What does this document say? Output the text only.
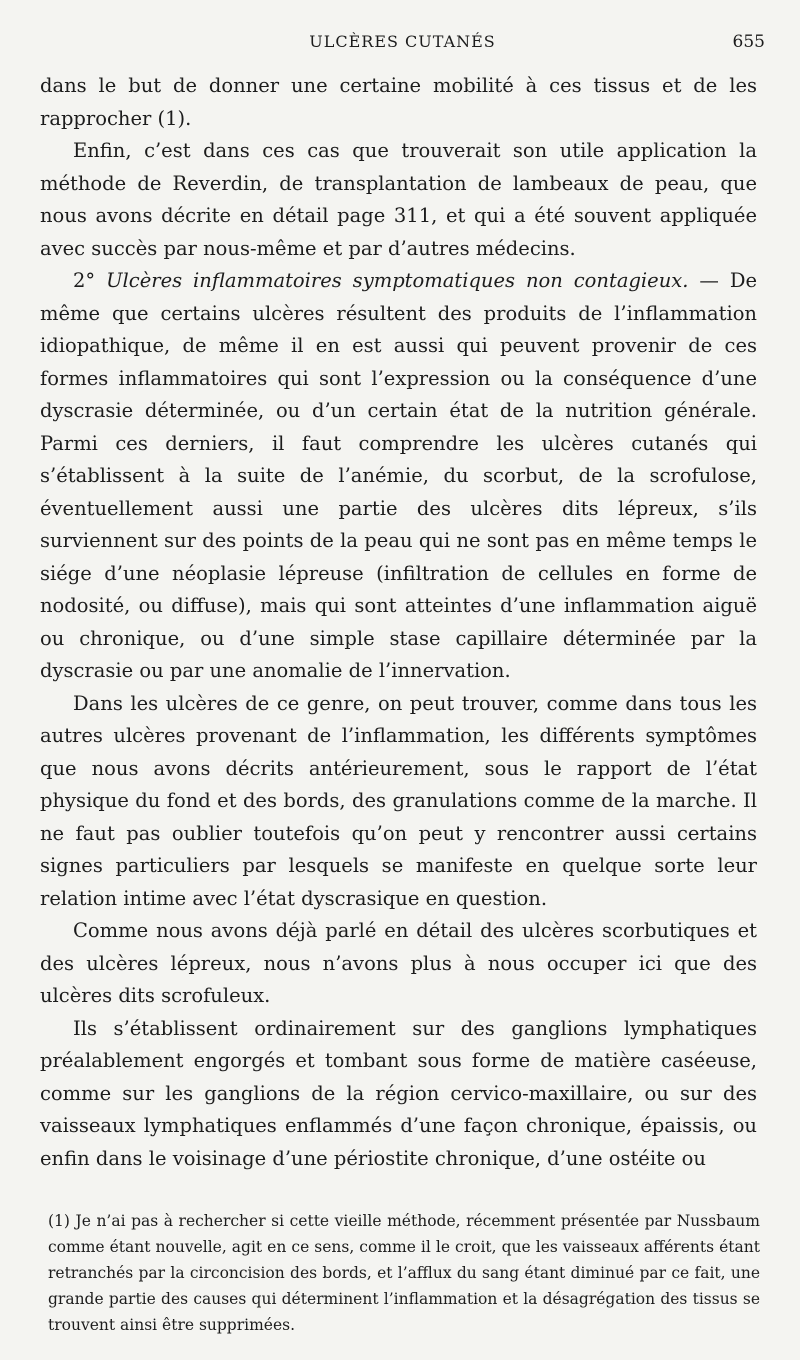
ULCÈRES CUTANÉS	655

dans le but de donner une certaine mobilité à ces tissus et de les rapprocher (1).

Enfin, c’est dans ces cas que trouverait son utile application la méthode de Reverdin, de transplantation de lambeaux de peau, que nous avons décrite en détail page 311, et qui a été souvent appliquée avec succès par nous-même et par d’autres médecins.

2° Ulcères inflammatoires symptomatiques non contagieux. — De même que certains ulcères résultent des produits de l’inflammation idiopathique, de même il en est aussi qui peuvent provenir de ces formes inflammatoires qui sont l’expression ou la conséquence d’une dyscrasie déterminée, ou d’un certain état de la nutrition générale. Parmi ces derniers, il faut comprendre les ulcères cutanés qui s’établissent à la suite de l’anémie, du scorbut, de la scrofulose, éventuellement aussi une partie des ulcères dits lépreux, s’ils surviennent sur des points de la peau qui ne sont pas en même temps le siége d’une néoplasie lépreuse (infiltration de cellules en forme de nodosité, ou diffuse), mais qui sont atteintes d’une inflammation aiguë ou chronique, ou d’une simple stase capillaire déterminée par la dyscrasie ou par une anomalie de l’innervation.

Dans les ulcères de ce genre, on peut trouver, comme dans tous les autres ulcères provenant de l’inflammation, les différents symptômes que nous avons décrits antérieurement, sous le rapport de l’état physique du fond et des bords, des granulations comme de la marche. Il ne faut pas oublier toutefois qu’on peut y rencontrer aussi certains signes particuliers par lesquels se manifeste en quelque sorte leur relation intime avec l’état dyscrasique en question.

Comme nous avons déjà parlé en détail des ulcères scorbutiques et des ulcères lépreux, nous n’avons plus à nous occuper ici que des ulcères dits scrofuleux.

Ils s’établissent ordinairement sur des ganglions lymphatiques préalablement engorgés et tombant sous forme de matière caséeuse, comme sur les ganglions de la région cervico-maxillaire, ou sur des vaisseaux lymphatiques enflammés d’une façon chronique, épaissis, ou enfin dans le voisinage d’une périostite chronique, d’une ostéite ou

(1) Je n’ai pas à rechercher si cette vieille méthode, récemment présentée par Nussbaum comme étant nouvelle, agit en ce sens, comme il le croit, que les vaisseaux afférents étant retranchés par la circoncision des bords, et l’afflux du sang étant diminué par ce fait, une grande partie des causes qui déterminent l’inflammation et la désagrégation des tissus se trouvent ainsi être supprimées.
